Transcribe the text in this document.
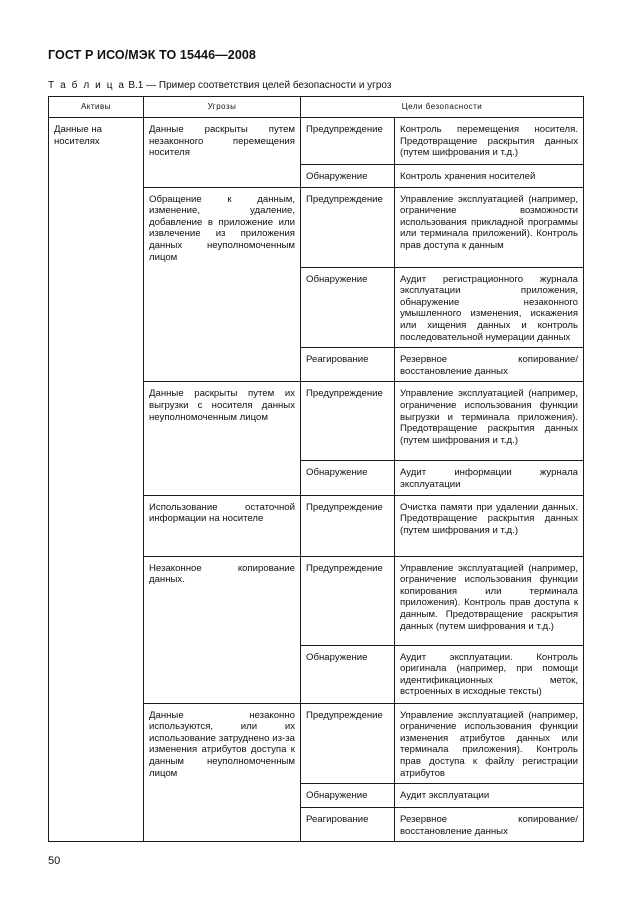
ГОСТ Р ИСО/МЭК ТО 15446—2008
Т а б л и ц а В.1 — Пример соответствия целей безопасности и угроз
Активы	Угрозы	Цели безопасности	
Данные на носителях	Данные раскрыты путем незаконного перемещения носителя	Предупреждение	Контроль перемещения носителя. Предотвращение раскрытия данных (путем шифрования и т.д.)
		Обнаружение	Контроль хранения носителей
	Обращение к данным, изменение, удаление, добавление в приложение или извлечение из приложения данных неуполномоченным лицом	Предупреждение	Управление эксплуатацией (например, ограничение возможности использования прикладной программы или терминала приложений). Контроль прав доступа к данным
		Обнаружение	Аудит регистрационного журнала эксплуатации приложения, обнаружение незаконного умышленного изменения, искажения или хищения данных и контроль последовательной нумерации данных
		Реагирование	Резервное копирование/ восстановление данных
	Данные раскрыты путем их выгрузки с носителя данных неуполномоченным лицом	Предупреждение	Управление эксплуатацией (например, ограничение использования функции выгрузки и терминала приложения). Предотвращение раскрытия данных (путем шифрования и т.д.)
		Обнаружение	Аудит информации журнала эксплуатации
	Использование остаточной информации на носителе	Предупреждение	Очистка памяти при удалении данных. Предотвращение раскрытия данных (путем шифрования и т.д.)
	Незаконное копирование данных.	Предупреждение	Управление эксплуатацией (например, ограничение использования функции копирования или терминала приложения). Контроль прав доступа к данным. Предотвращение раскрытия данных (путем шифрования и т.д.)
		Обнаружение	Аудит эксплуатации. Контроль оригинала (например, при помощи идентификационных меток, встроенных в исходные тексты)
	Данные незаконно используются, или их использование затруднено из-за изменения атрибутов доступа к данным неуполномоченным лицом	Предупреждение	Управление эксплуатацией (например, ограничение использования функции изменения атрибутов данных или терминала приложения). Контроль прав доступа к файлу регистрации атрибутов
		Обнаружение	Аудит эксплуатации
		Реагирование	Резервное копирование/восстановление данных
50
